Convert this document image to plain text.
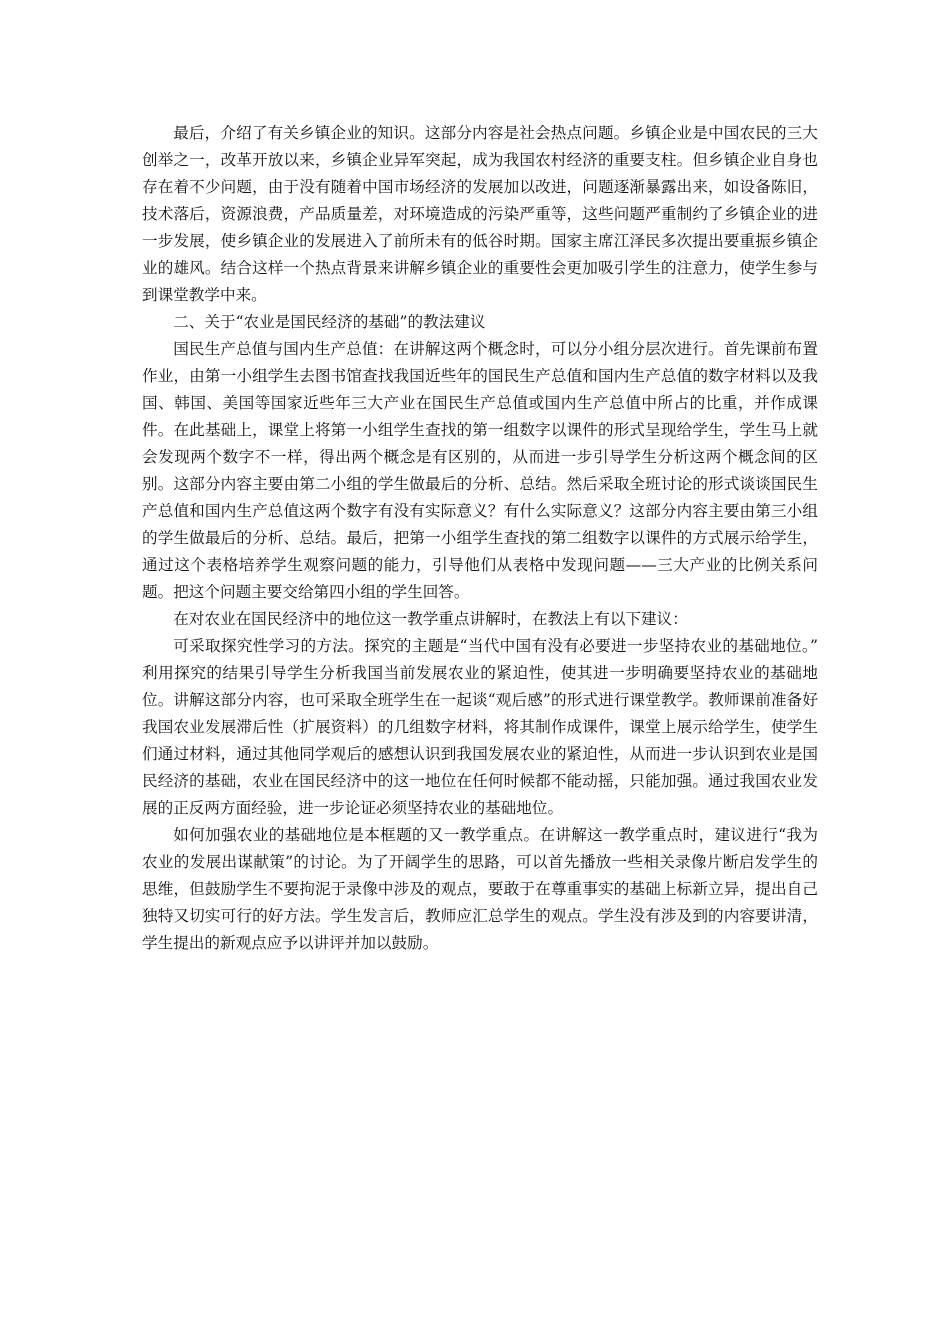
最后，介绍了有关乡镇企业的知识。这部分内容是社会热点问题。乡镇企业是中国农民的三大创举之一，改革开放以来，乡镇企业异军突起，成为我国农村经济的重要支柱。但乡镇企业自身也存在着不少问题，由于没有随着中国市场经济的发展加以改进，问题逐渐暴露出来，如设备陈旧，技术落后，资源浪费，产品质量差，对环境造成的污染严重等，这些问题严重制约了乡镇企业的进一步发展，使乡镇企业的发展进入了前所未有的低谷时期。国家主席江泽民多次提出要重振乡镇企业的雄风。结合这样一个热点背景来讲解乡镇企业的重要性会更加吸引学生的注意力，使学生参与到课堂教学中来。

二、关于“农业是国民经济的基础”的教法建议

国民生产总值与国内生产总值：在讲解这两个概念时，可以分小组分层次进行。首先课前布置作业，由第一小组学生去图书馆查找我国近些年的国民生产总值和国内生产总值的数字材料以及我国、韩国、美国等国家近些年三大产业在国民生产总值或国内生产总值中所占的比重，并作成课件。在此基础上，课堂上将第一小组学生查找的第一组数字以课件的形式呈现给学生，学生马上就会发现两个数字不一样，得出两个概念是有区别的，从而进一步引导学生分析这两个概念间的区别。这部分内容主要由第二小组的学生做最后的分析、总结。然后采取全班讨论的形式谈谈国民生产总值和国内生产总值这两个数字有没有实际意义？有什么实际意义？这部分内容主要由第三小组的学生做最后的分析、总结。最后，把第一小组学生查找的第二组数字以课件的方式展示给学生，通过这个表格培养学生观察问题的能力，引导他们从表格中发现问题——三大产业的比例关系问题。把这个问题主要交给第四小组的学生回答。

在对农业在国民经济中的地位这一教学重点讲解时，在教法上有以下建议：

可采取探究性学习的方法。探究的主题是“当代中国有没有必要进一步坚持农业的基础地位。” 利用探究的结果引导学生分析我国当前发展农业的紧迫性，使其进一步明确要坚持农业的基础地位。讲解这部分内容，也可采取全班学生在一起谈“观后感”的形式进行课堂教学。教师课前准备好我国农业发展滞后性（扩展资料）的几组数字材料，将其制作成课件，课堂上展示给学生，使学生们通过材料，通过其他同学观后的感想认识到我国发展农业的紧迫性，从而进一步认识到农业是国民经济的基础，农业在国民经济中的这一地位在任何时候都不能动摇，只能加强。通过我国农业发展的正反两方面经验，进一步论证必须坚持农业的基础地位。

如何加强农业的基础地位是本框题的又一教学重点。在讲解这一教学重点时，建议进行“我为农业的发展出谋献策”的讨论。为了开阔学生的思路，可以首先播放一些相关录像片断启发学生的思维，但鼓励学生不要拘泥于录像中涉及的观点，要敢于在尊重事实的基础上标新立异，提出自己独特又切实可行的好方法。学生发言后，教师应汇总学生的观点。学生没有涉及到的内容要讲清，学生提出的新观点应予以讲评并加以鼓励。
